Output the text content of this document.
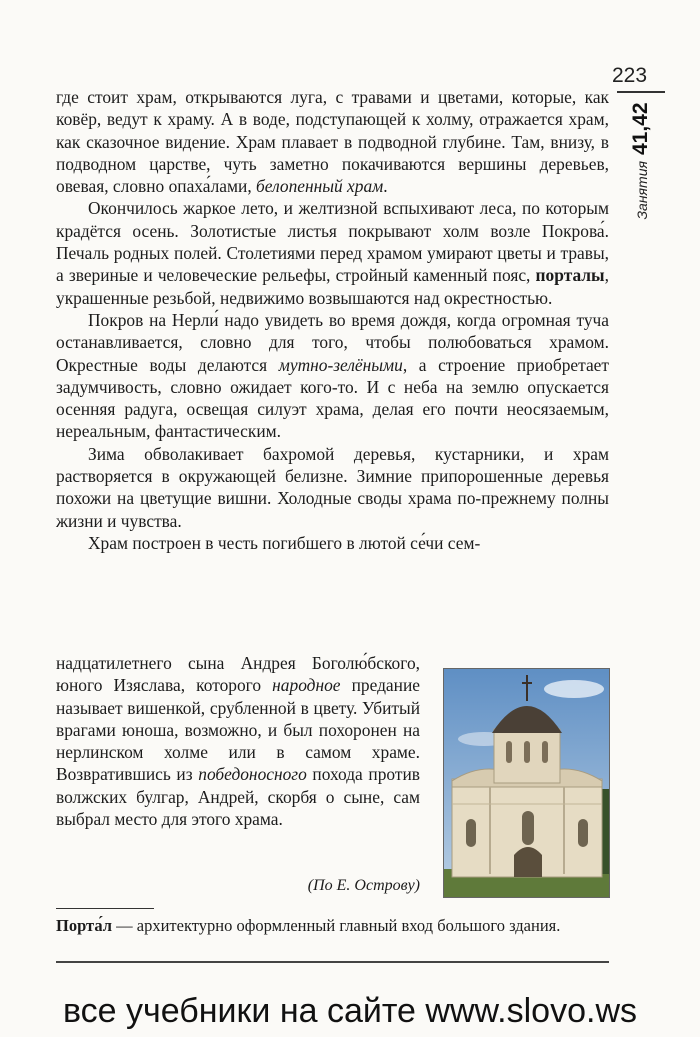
223
Занятия41,42

где стоит храм, открываются луга, с травами и цветами, которые, как ковёр, ведут к храму. А в воде, подступающей к холму, отражается храм, как сказочное видение. Храм плавает в подводной глубине. Там, внизу, в подводном царстве, чуть заметно покачиваются вершины деревьев, овевая, словно опаха́лами, белопенный храм.

Окончилось жаркое лето, и желтизной вспыхивают леса, по которым крадётся осень. Золотистые листья покрывают холм возле Покрова́. Печаль родных полей. Столетиями перед храмом умирают цветы и травы, а звериные и человеческие рельефы, стройный каменный пояс, порталы, украшенные резьбой, недвижимо возвышаются над окрестностью.

Покров на Нерли́ надо увидеть во время дождя, когда огромная туча останавливается, словно для того, чтобы полюбоваться храмом. Окрестные воды делаются мутно-зелёными, а строение приобретает задумчивость, словно ожидает кого-то. И с неба на землю опускается осенняя радуга, освещая силуэт храма, делая его почти неосязаемым, нереальным, фантастическим.

Зима обволакивает бахромой деревья, кустарники, и храм растворяется в окружающей белизне. Зимние припорошенные деревья похожи на цветущие вишни. Холодные своды храма по-прежнему полны жизни и чувства.

Храм построен в честь погибшего в лютой се́чи сем-

надцатилетнего сына Андрея Боголю́бского, юного Изяслава, которого народное предание называет вишенкой, срубленной в цвету. Убитый врагами юноша, возможно, и был похоронен на нерлинском холме или в самом храме. Возвратившись из победоносного похода против волжских булгар, Андрей, скорбя о сыне, сам выбрал место для этого храма.

(По Е. Острову)
Порта́л — архитектурно оформленный главный вход большого здания.
все учебники на сайте www.slovo.ws
